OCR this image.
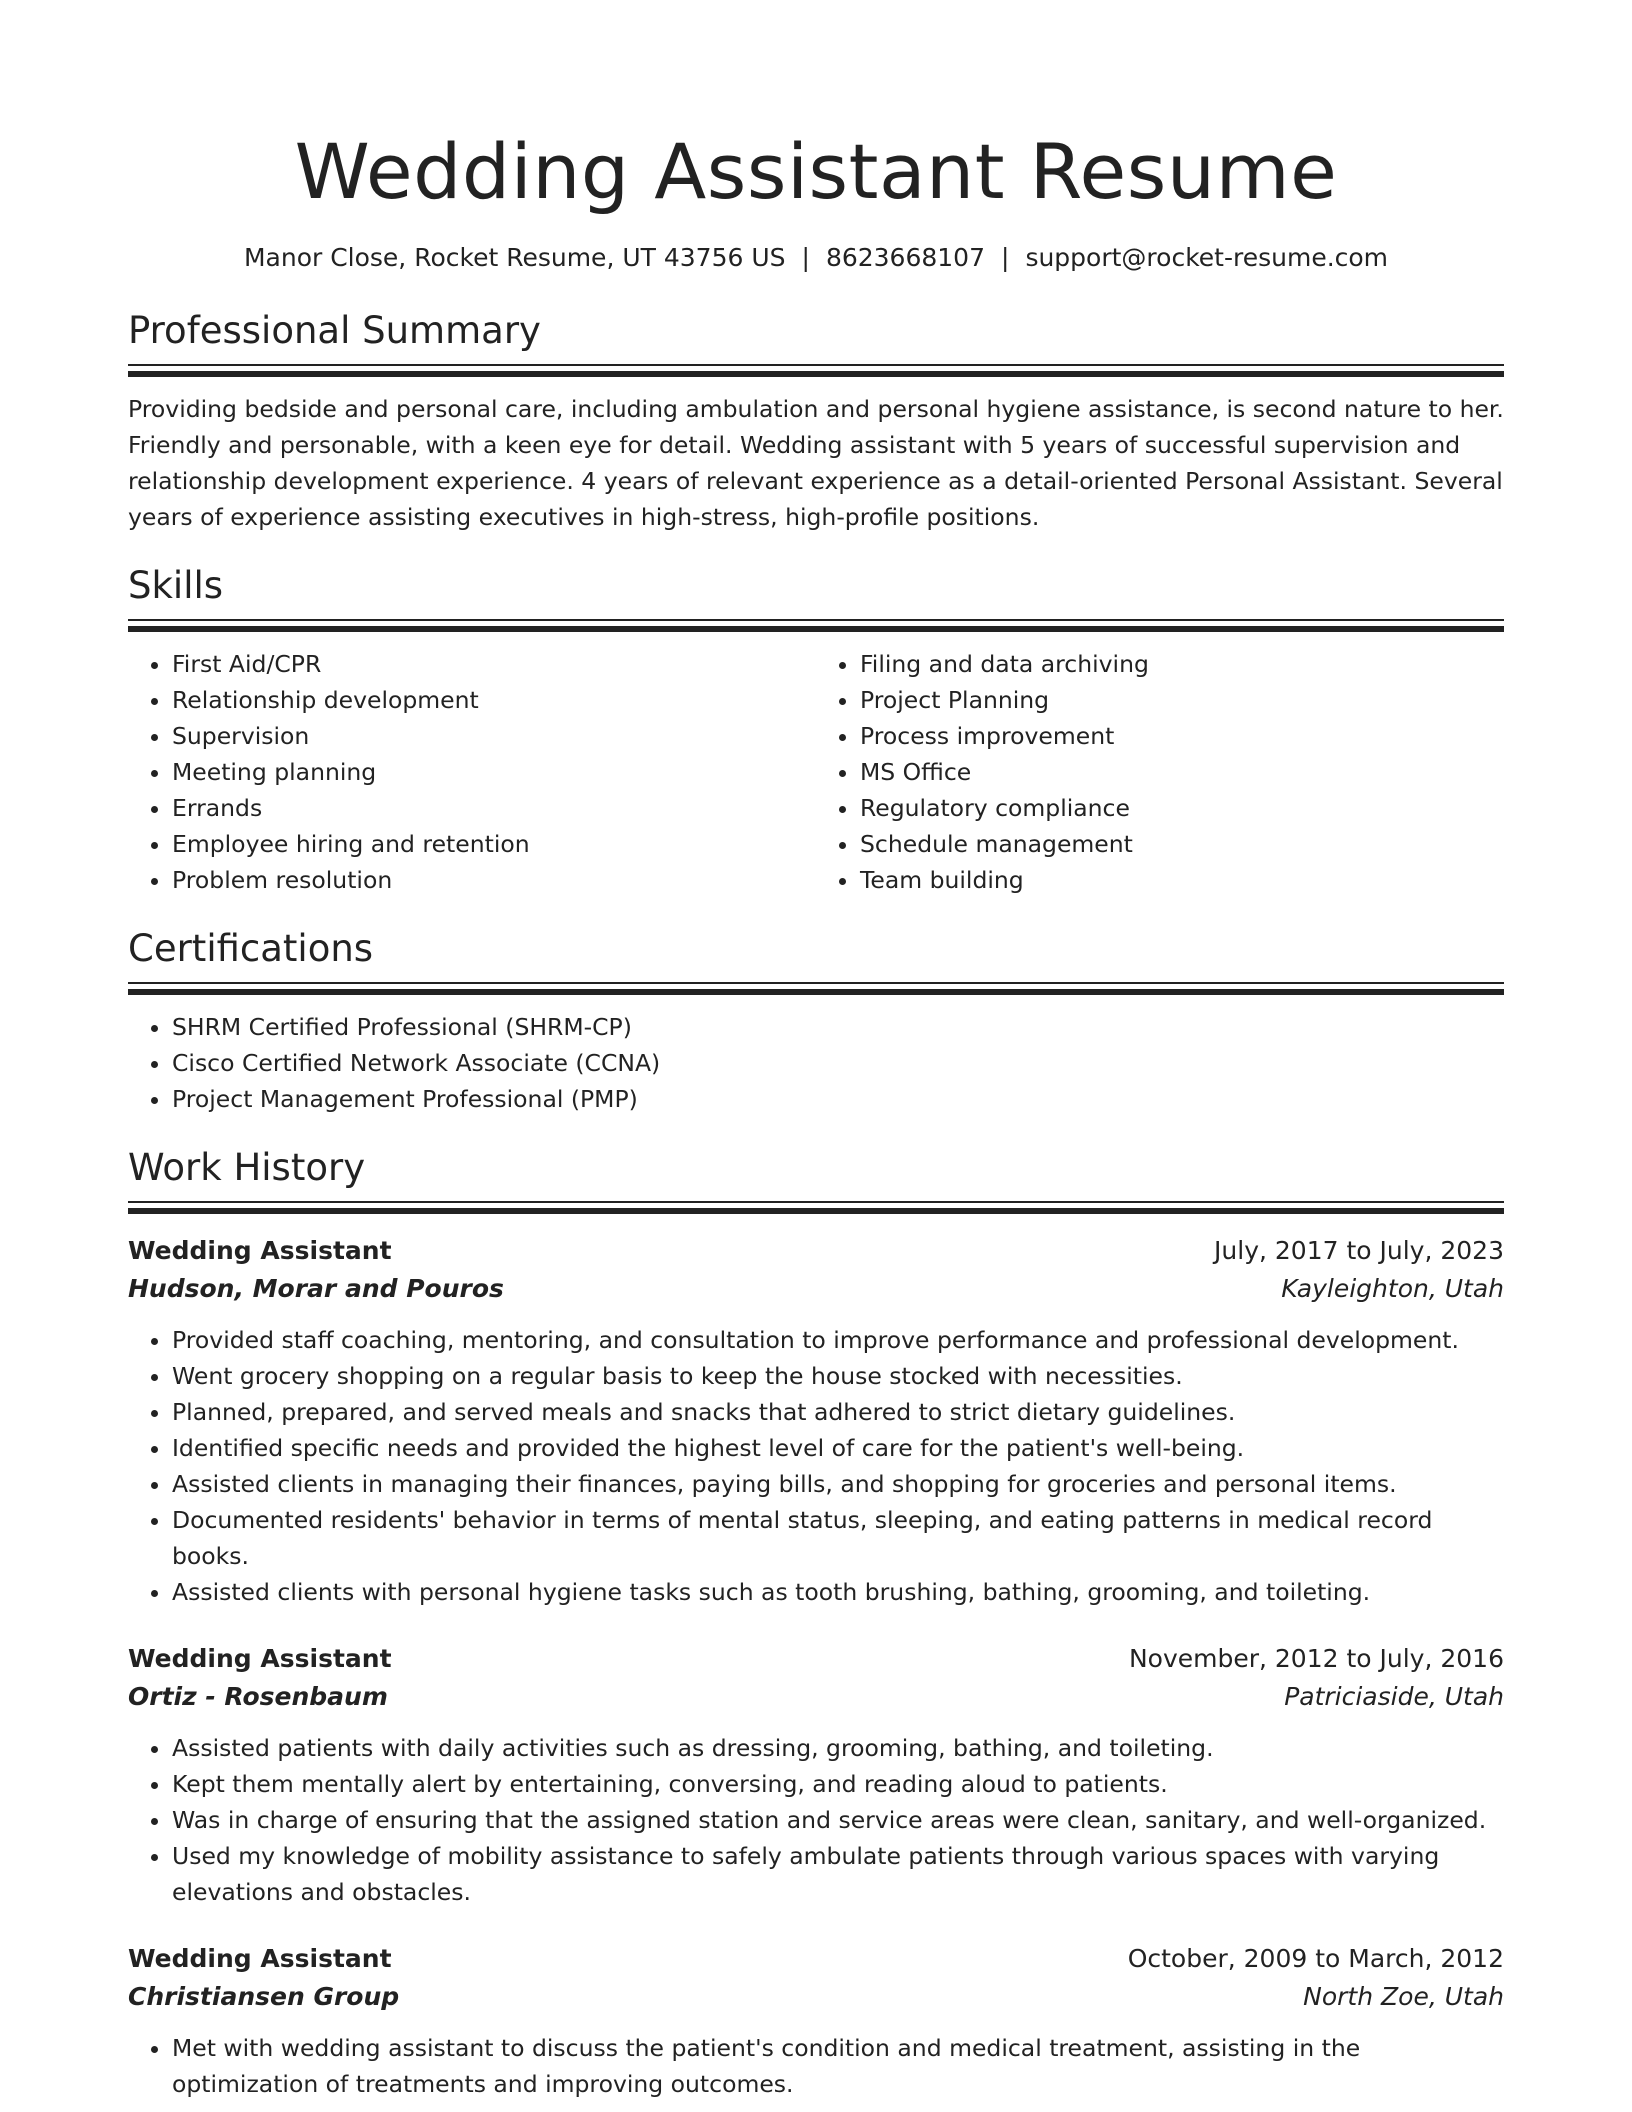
Wedding Assistant Resume
Manor Close, Rocket Resume, UT 43756 US | 8623668107 | support@rocket-resume.com
Professional Summary

Providing bedside and personal care, including ambulation and personal hygiene assistance, is second nature to her. Friendly and personable, with a keen eye for detail. Wedding assistant with 5 years of successful supervision and relationship development experience. 4 years of relevant experience as a detail-oriented Personal Assistant. Several years of experience assisting executives in high-stress, high-profile positions.

Skills
• First Aid/CPR
• Relationship development
• Supervision
• Meeting planning
• Errands
• Employee hiring and retention
• Problem resolution
• Filing and data archiving
• Project Planning
• Process improvement
• MS Office
• Regulatory compliance
• Schedule management
• Team building
Certifications
• SHRM Certified Professional (SHRM-CP)
• Cisco Certified Network Associate (CCNA)
• Project Management Professional (PMP)
Work History
Wedding Assistant	July, 2017 to July, 2023
Hudson, Morar and Pouros	Kayleighton, Utah
• Provided staff coaching, mentoring, and consultation to improve performance and professional development.
• Went grocery shopping on a regular basis to keep the house stocked with necessities.
• Planned, prepared, and served meals and snacks that adhered to strict dietary guidelines.
• Identified specific needs and provided the highest level of care for the patient's well-being.
• Assisted clients in managing their finances, paying bills, and shopping for groceries and personal items.
• Documented residents' behavior in terms of mental status, sleeping, and eating patterns in medical record books.
• Assisted clients with personal hygiene tasks such as tooth brushing, bathing, grooming, and toileting.
Wedding Assistant	November, 2012 to July, 2016
Ortiz - Rosenbaum	Patriciaside, Utah
• Assisted patients with daily activities such as dressing, grooming, bathing, and toileting.
• Kept them mentally alert by entertaining, conversing, and reading aloud to patients.
• Was in charge of ensuring that the assigned station and service areas were clean, sanitary, and well-organized.
• Used my knowledge of mobility assistance to safely ambulate patients through various spaces with varying elevations and obstacles.
Wedding Assistant	October, 2009 to March, 2012
Christiansen Group	North Zoe, Utah
• Met with wedding assistant to discuss the patient's condition and medical treatment, assisting in the optimization of treatments and improving outcomes.
